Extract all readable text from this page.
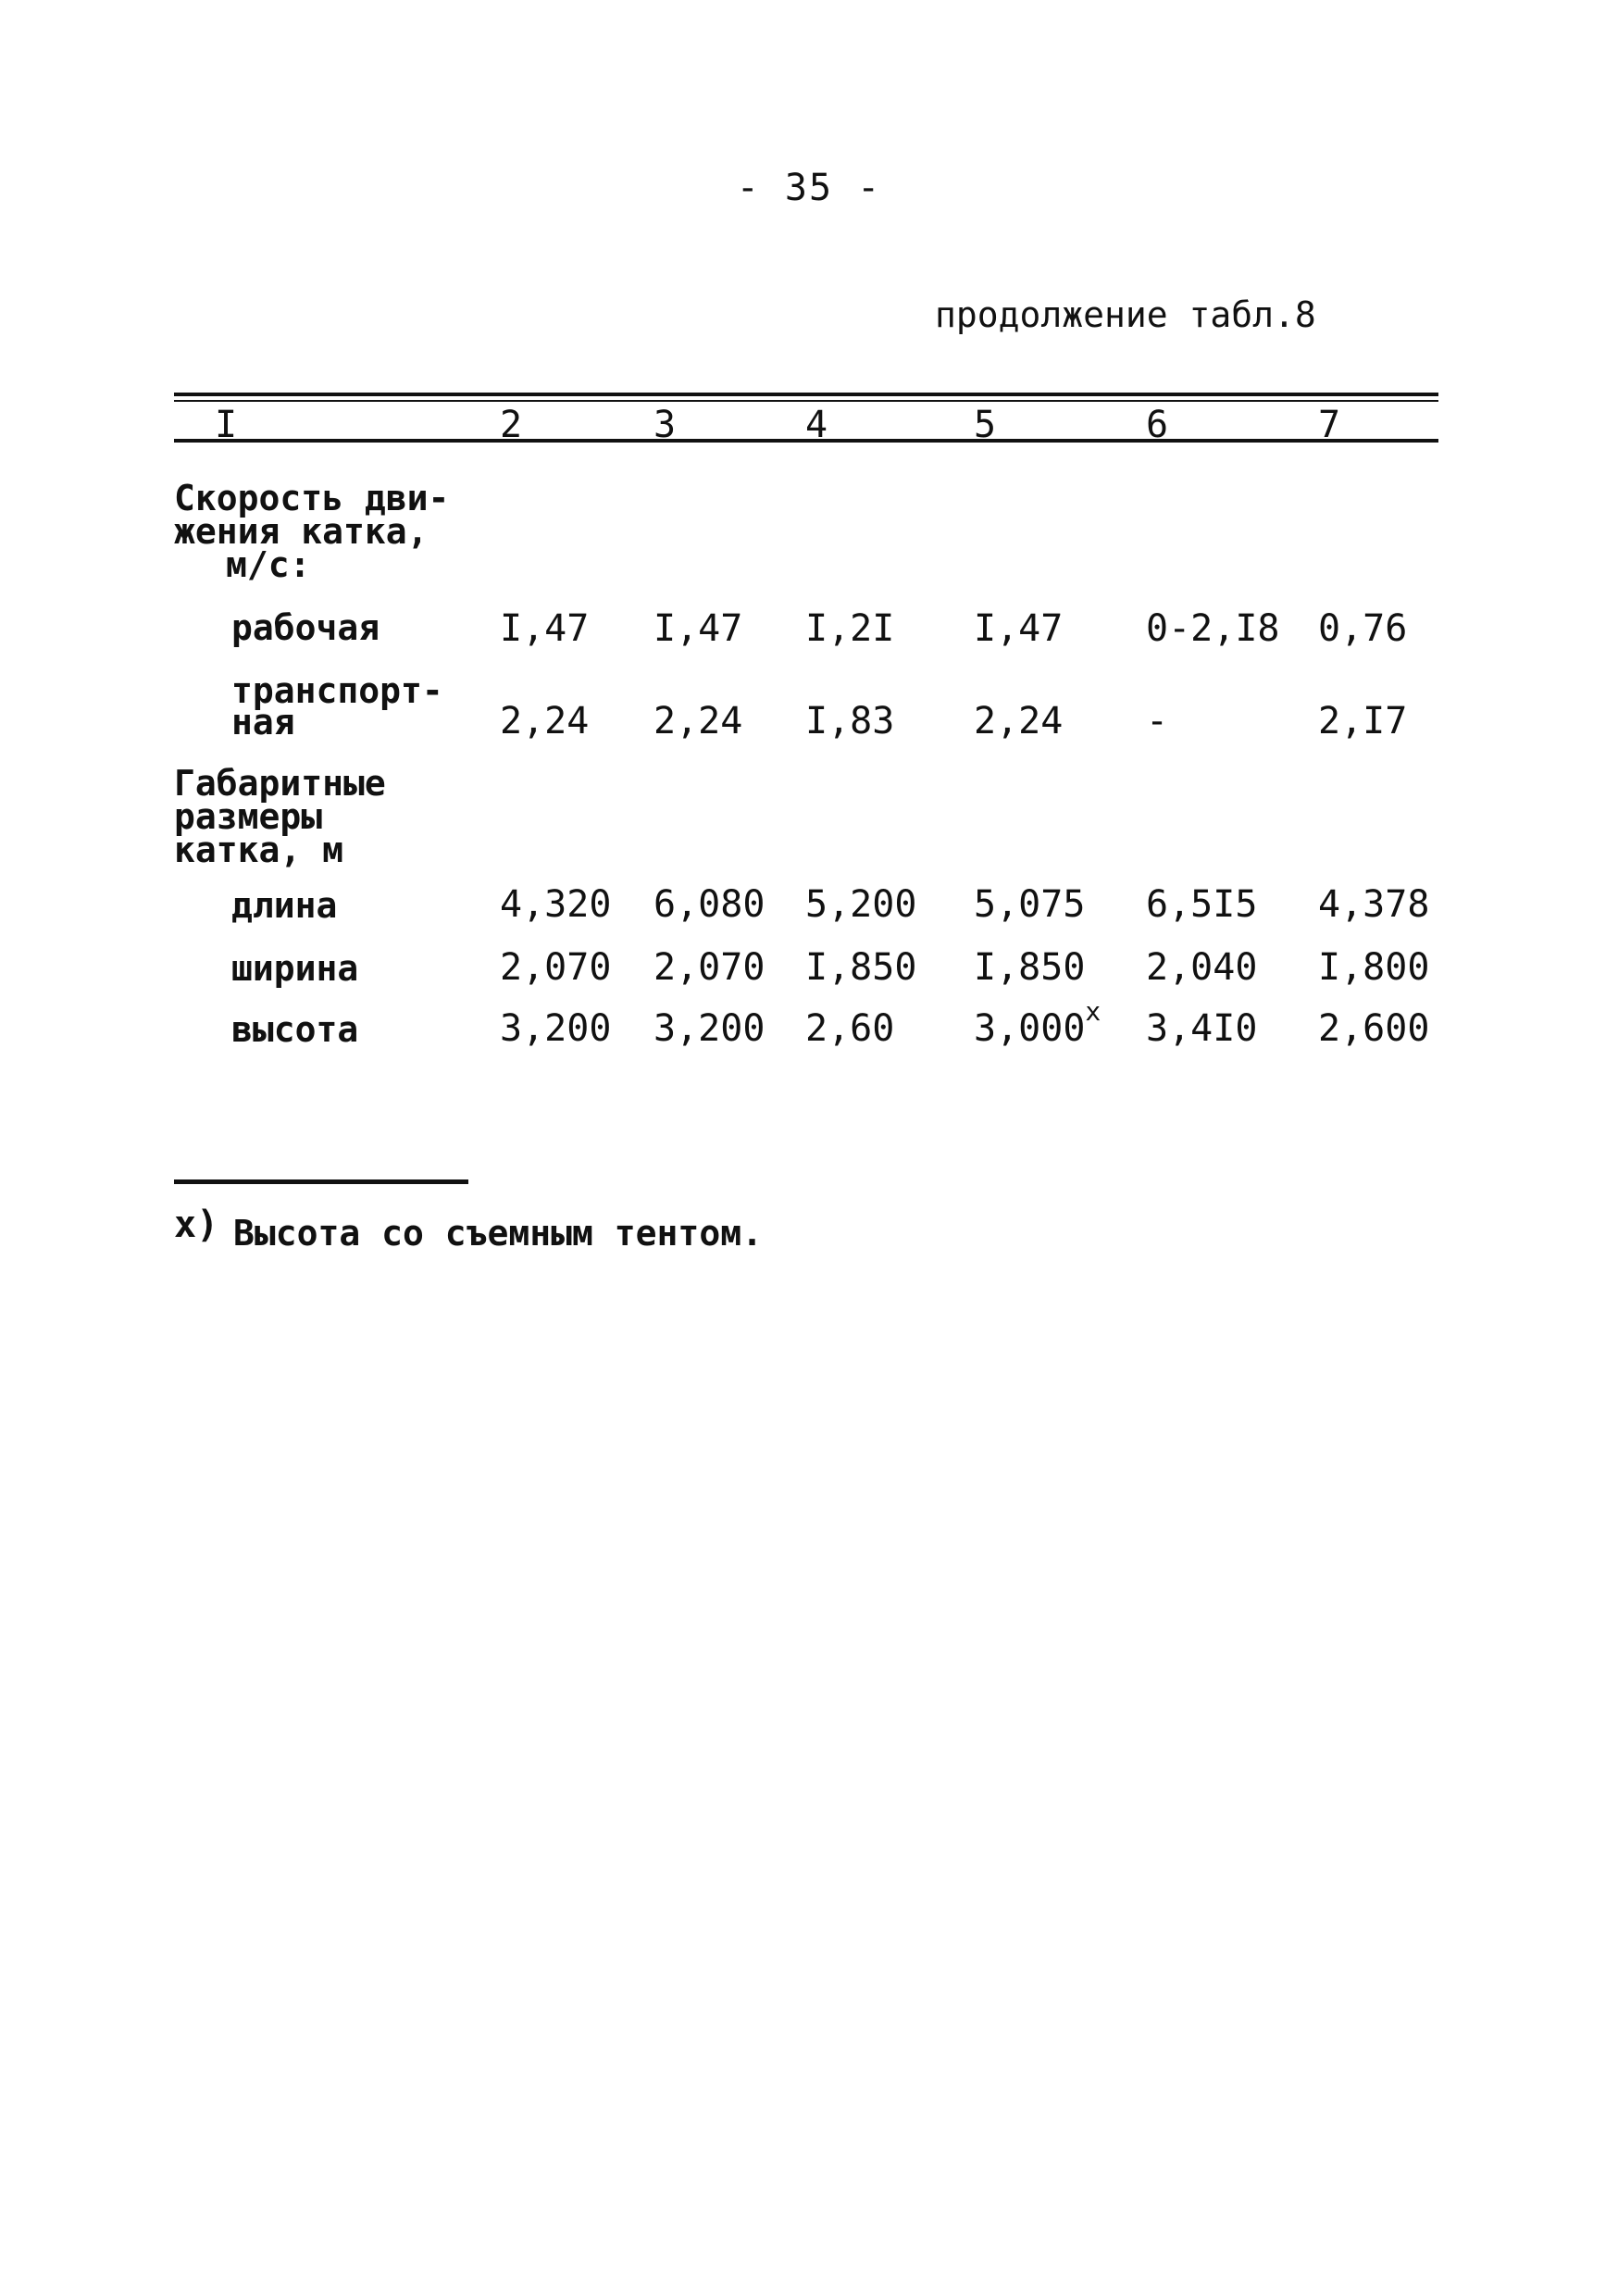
- 35 -
продолжение табл.8
I	2	3	4	5	6	7
Скорость дви-
жения катка,
м/с:
рабочая	I,47 I,47 I,2I I,47 0-2,I8 0,76
транспорт-
ная	2,24 2,24 I,83 2,24 -	2,I7
Габаритные
размеры
катка, м
длина	4,320 6,080 5,200 5,075 6,5I5 4,378
ширина	2,070 2,070 I,850 I,850 2,040 I,800
высота	3,200 3,200 2,60 3,000$^x$ 3,4I0 2,600
x) Высота со съемным тентом.
